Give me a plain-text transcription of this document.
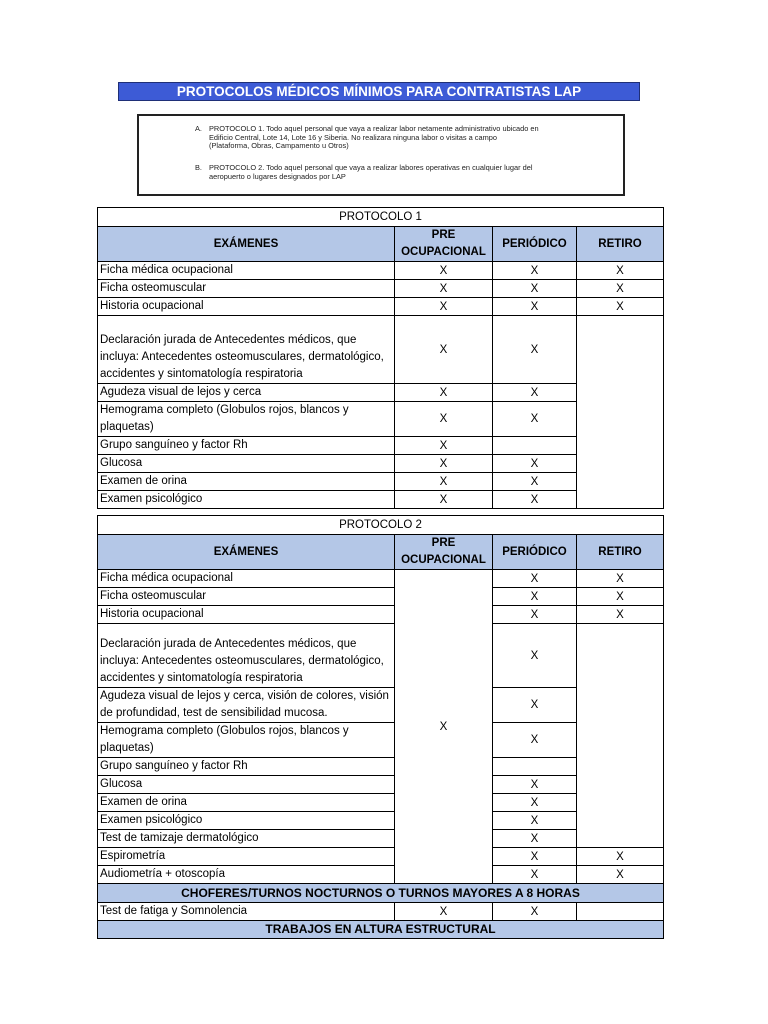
PROTOCOLOS MÉDICOS MÍNIMOS PARA CONTRATISTAS LAP
A. PROTOCOLO 1. Todo aquel personal que vaya a realizar labor netamente administrativo ubicado en Edificio Central, Lote 14, Lote 16 y Siberia. No realizara ninguna labor o visitas a campo (Plataforma, Obras, Campamento u Otros)
B. PROTOCOLO 2. Todo aquel personal que vaya a realizar labores operativas en cualquier lugar del aeropuerto o lugares designados por LAP
PROTOCOLO 1			
EXÁMENES	PRE OCUPACIONAL	PERIÓDICO	RETIRO
Ficha médica ocupacional	X	X	X
Ficha osteomuscular	X	X	X
Historia ocupacional	X	X	X
Declaración jurada de Antecedentes médicos, que incluya: Antecedentes osteomusculares, dermatológico, accidentes y sintomatología respiratoria	X	X	
Agudeza visual de lejos y cerca	X	X	
Hemograma completo (Globulos rojos, blancos y plaquetas)	X	X	
Grupo sanguíneo y factor Rh	X		
Glucosa	X	X	
Examen de orina	X	X	
Examen psicológico	X	X	
PROTOCOLO 2			
EXÁMENES	PRE OCUPACIONAL	PERIÓDICO	RETIRO
Ficha médica ocupacional	X	X	X
Ficha osteomuscular		X	X
Historia ocupacional		X	X
Declaración jurada de Antecedentes médicos, que incluya: Antecedentes osteomusculares, dermatológico, accidentes y sintomatología respiratoria		X	
Agudeza visual de lejos y cerca, visión de colores, visión de profundidad, test de sensibilidad mucosa.		X	
Hemograma completo (Globulos rojos, blancos y plaquetas)		X	
Grupo sanguíneo y factor Rh			
Glucosa		X	
Examen de orina		X	
Examen psicológico		X	
Test de tamizaje dermatológico		X	
Espirometría		X	X
Audiometría + otoscopía		X	X
CHOFERES/TURNOS NOCTURNOS O TURNOS MAYORES A 8 HORAS			
Test de fatiga y Somnolencia	X	X	
TRABAJOS EN ALTURA ESTRUCTURAL			
